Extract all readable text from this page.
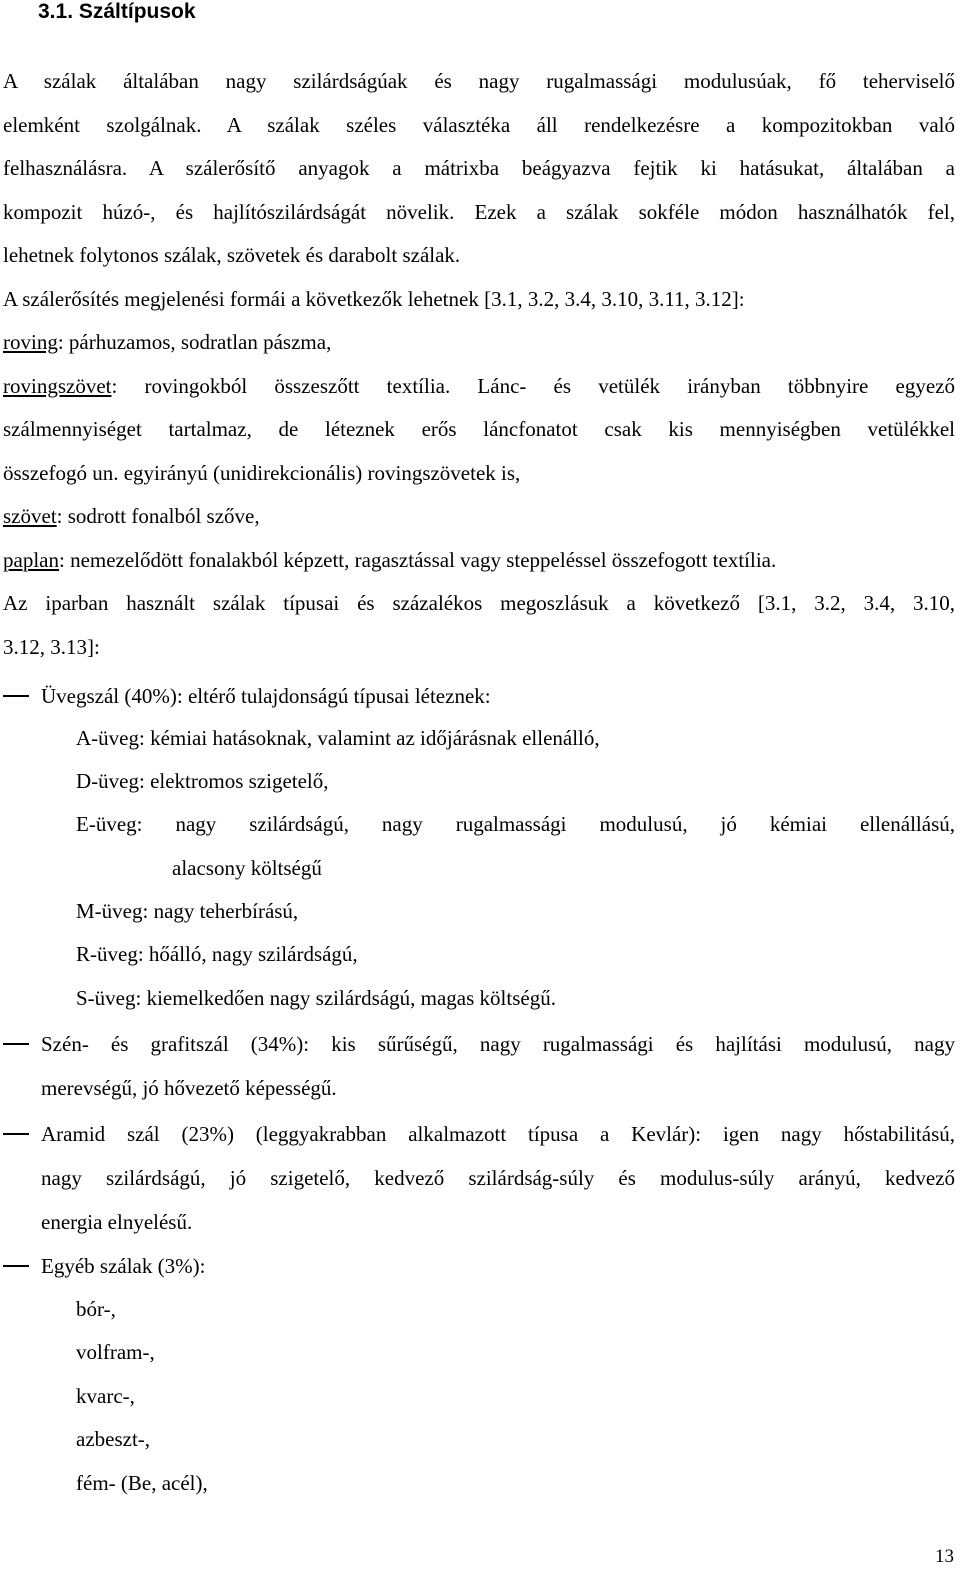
3.1. Száltípusok
A szálak általában nagy szilárdságúak és nagy rugalmassági modulusúak, fő teherviselő
elemként szolgálnak. A szálak széles választéka áll rendelkezésre a kompozitokban való
felhasználásra. A szálerősítő anyagok a mátrixba beágyazva fejtik ki hatásukat, általában a
kompozit húzó-, és hajlítószilárdságát növelik. Ezek a szálak sokféle módon használhatók fel,
lehetnek folytonos szálak, szövetek és darabolt szálak.
A szálerősítés megjelenési formái a következők lehetnek [3.1, 3.2, 3.4, 3.10, 3.11, 3.12]:
roving: párhuzamos, sodratlan pászma,
rovingszövet: rovingokból összeszőtt textília. Lánc- és vetülék irányban többnyire egyező
szálmennyiséget tartalmaz, de léteznek erős láncfonatot csak kis mennyiségben vetülékkel
összefogó un. egyirányú (unidirekcionális) rovingszövetek is,
szövet: sodrott fonalból szőve,
paplan: nemezelődött fonalakból képzett, ragasztással vagy steppeléssel összefogott textília.
Az iparban használt szálak típusai és százalékos megoszlásuk a következő [3.1, 3.2, 3.4, 3.10,
3.12, 3.13]:
Üvegszál (40%): eltérő tulajdonságú típusai léteznek:
A-üveg: kémiai hatásoknak, valamint az időjárásnak ellenálló,
D-üveg: elektromos szigetelő,
E-üveg: nagy szilárdságú, nagy rugalmassági modulusú, jó kémiai ellenállású,
alacsony költségű
M-üveg: nagy teherbírású,
R-üveg: hőálló, nagy szilárdságú,
S-üveg: kiemelkedően nagy szilárdságú, magas költségű.
Szén- és grafitszál (34%): kis sűrűségű, nagy rugalmassági és hajlítási modulusú, nagy
merevségű, jó hővezető képességű.
Aramid szál (23%) (leggyakrabban alkalmazott típusa a Kevlár): igen nagy hőstabilitású,
nagy szilárdságú, jó szigetelő, kedvező szilárdság-súly és modulus-súly arányú, kedvező
energia elnyelésű.
Egyéb szálak (3%):
bór-,
volfram-,
kvarc-,
azbeszt-,
fém- (Be, acél),
13
